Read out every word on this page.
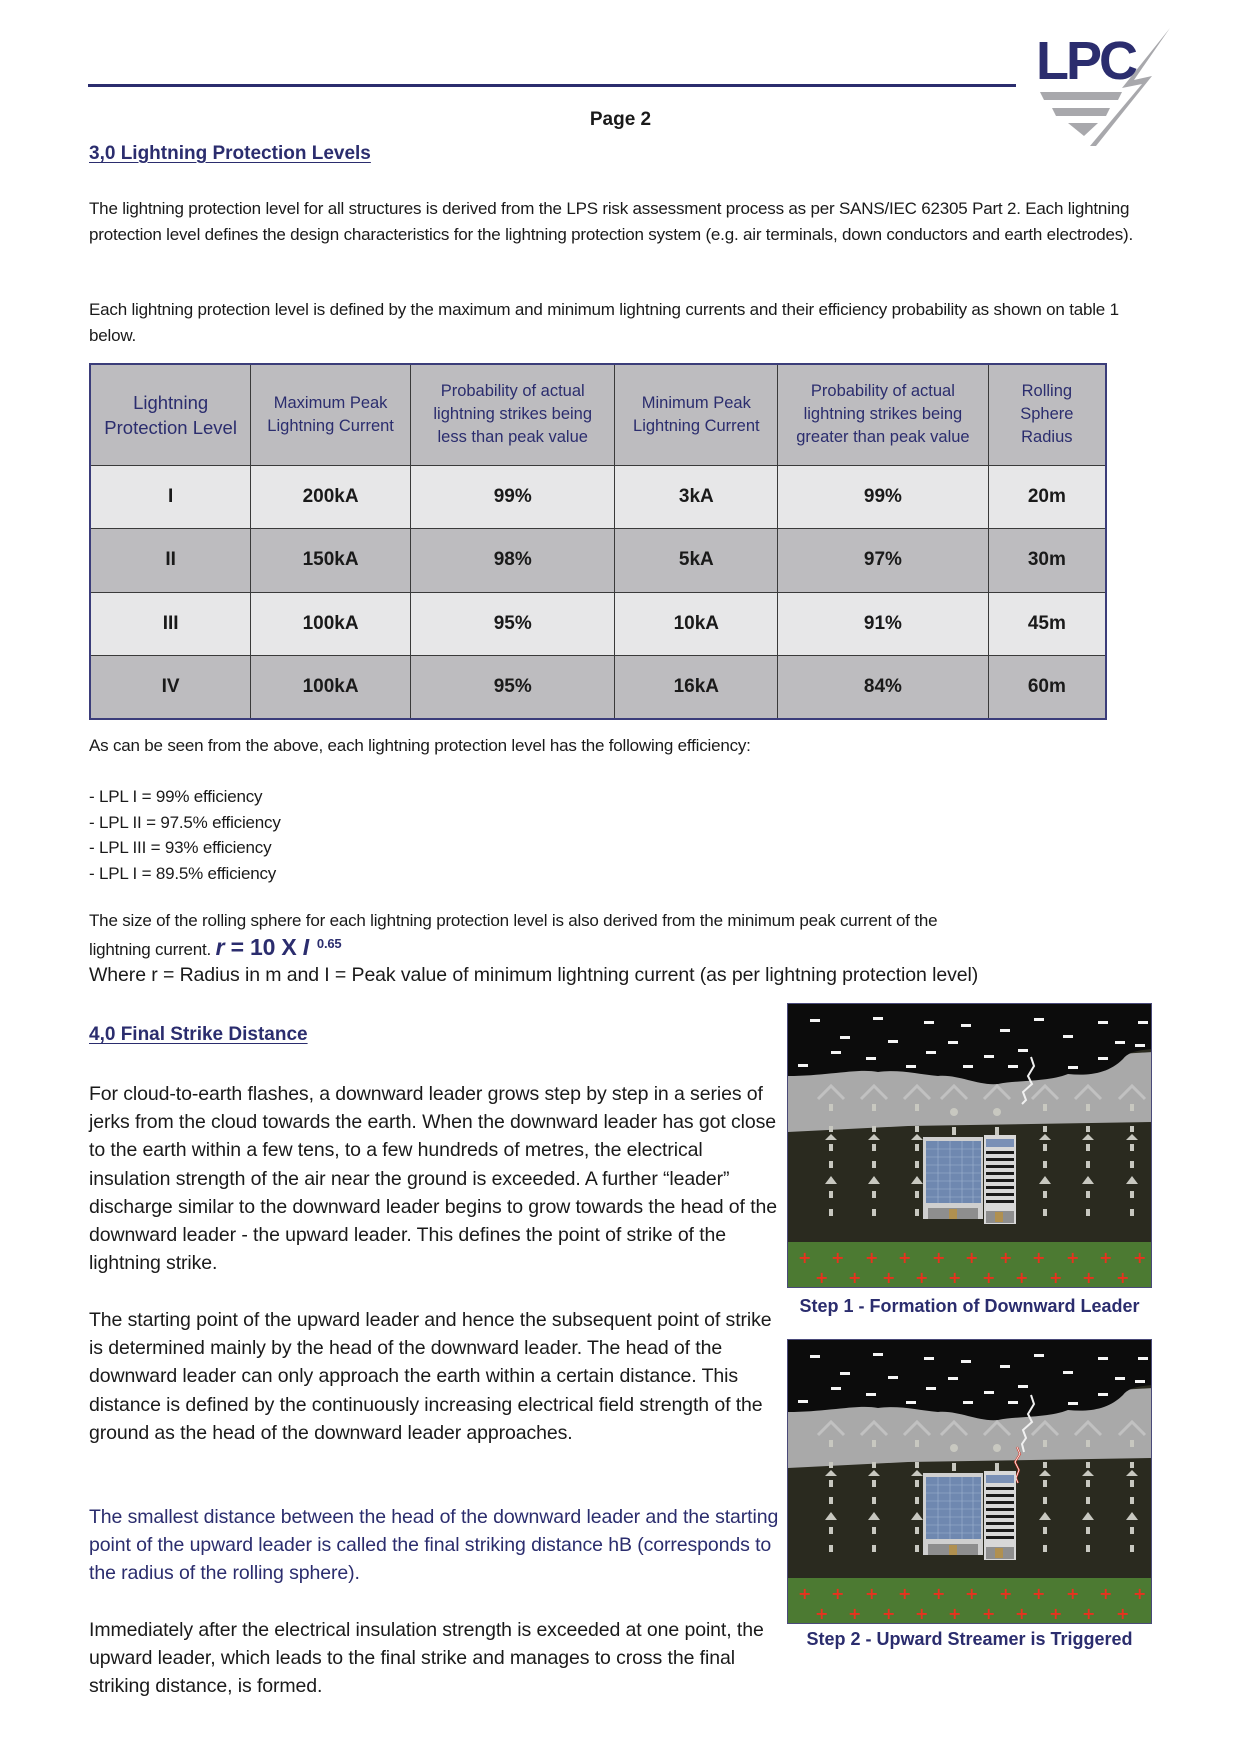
LPC
Page 2
3,0 Lightning Protection Levels
The lightning protection level for all structures is derived from the LPS risk assessment process as per SANS/IEC 62305 Part 2. Each lightning protection level defines the design characteristics for the lightning protection system (e.g. air terminals, down conductors and earth electrodes).
Each lightning protection level is defined by the maximum and minimum lightning currents and their efficiency probability as shown on table 1 below.
Lightning Protection Level	Maximum Peak Lightning Current	Probability of actual lightning strikes being less than peak value	Minimum Peak Lightning Current	Probability of actual lightning strikes being greater than peak value	Rolling Sphere Radius
I	200kA	99%	3kA	99%	20m
II	150kA	98%	5kA	97%	30m
III	100kA	95%	10kA	91%	45m
IV	100kA	95%	16kA	84%	60m
As can be seen from the above, each lightning protection level has the following efficiency:
- LPL I = 99% efficiency
- LPL II = 97.5% efficiency
- LPL III = 93% efficiency
- LPL I = 89.5% efficiency
The size of the rolling sphere for each lightning protection level is also derived from the minimum peak current of the
lightning current. r = 10 X I $^{0.65}$
Where r = Radius in m and I = Peak value of minimum lightning current (as per lightning protection level)
4,0 Final Strike Distance
For cloud-to-earth flashes, a downward leader grows step by step in a series of jerks from the cloud towards the earth. When the downward leader has got close to the earth within a few tens, to a few hundreds of metres, the electrical insulation strength of the air near the ground is exceeded. A further “leader” discharge similar to the downward leader begins to grow towards the head of the downward leader - the upward leader. This defines the point of strike of the lightning strike.
The starting point of the upward leader and hence the subsequent point of strike is determined mainly by the head of the downward leader. The head of the downward leader can only approach the earth within a certain distance. This distance is defined by the continuously increasing electrical field strength of the ground as the head of the downward leader approaches.
The smallest distance between the head of the downward leader and the starting point of the upward leader is called the final striking distance hB (corresponds to the radius of the rolling sphere).
Immediately after the electrical insulation strength is exceeded at one point, the upward leader, which leads to the final strike and manages to cross the final striking distance, is formed.
+ + + + + + + + + + +
+ + + + + + + + + +
Step 1 - Formation of Downward Leader
+ + + + + + + + + + +
+ + + + + + + + + +
Step 2 - Upward Streamer is Triggered
